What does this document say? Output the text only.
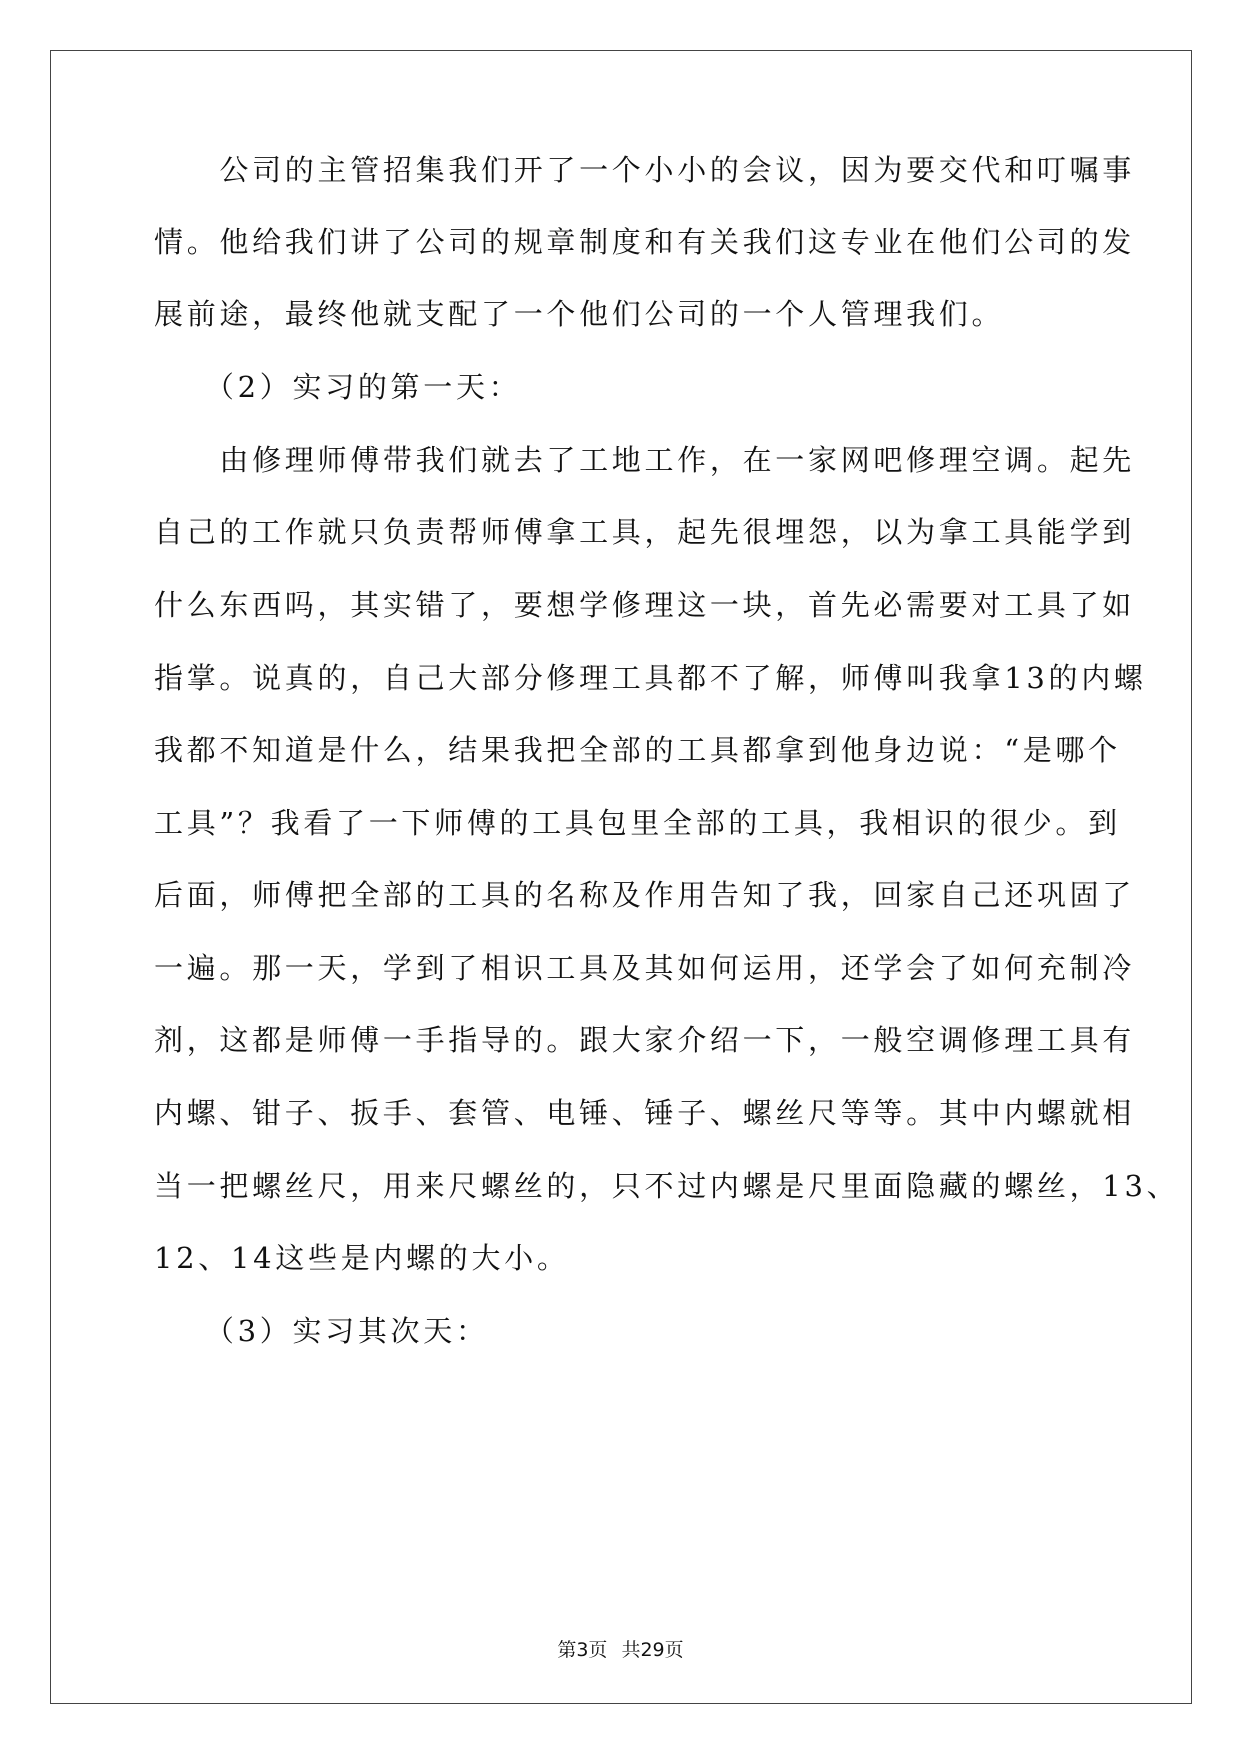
　　公司的主管招集我们开了一个小小的会议，因为要交代和叮嘱事
情。他给我们讲了公司的规章制度和有关我们这专业在他们公司的发
展前途，最终他就支配了一个他们公司的一个人管理我们。
　　（2）实习的第一天：
　　由修理师傅带我们就去了工地工作，在一家网吧修理空调。起先
自己的工作就只负责帮师傅拿工具，起先很埋怨，以为拿工具能学到
什么东西吗，其实错了，要想学修理这一块，首先必需要对工具了如
指掌。说真的，自己大部分修理工具都不了解，师傅叫我拿13的内螺
我都不知道是什么，结果我把全部的工具都拿到他身边说：“是哪个
工具”？我看了一下师傅的工具包里全部的工具，我相识的很少。到
后面，师傅把全部的工具的名称及作用告知了我，回家自己还巩固了
一遍。那一天，学到了相识工具及其如何运用，还学会了如何充制冷
剂，这都是师傅一手指导的。跟大家介绍一下，一般空调修理工具有
内螺、钳子、扳手、套管、电锤、锤子、螺丝尺等等。其中内螺就相
当一把螺丝尺，用来尺螺丝的，只不过内螺是尺里面隐藏的螺丝，13、
12、14这些是内螺的大小。
　　（3）实习其次天：
第3页 共29页
